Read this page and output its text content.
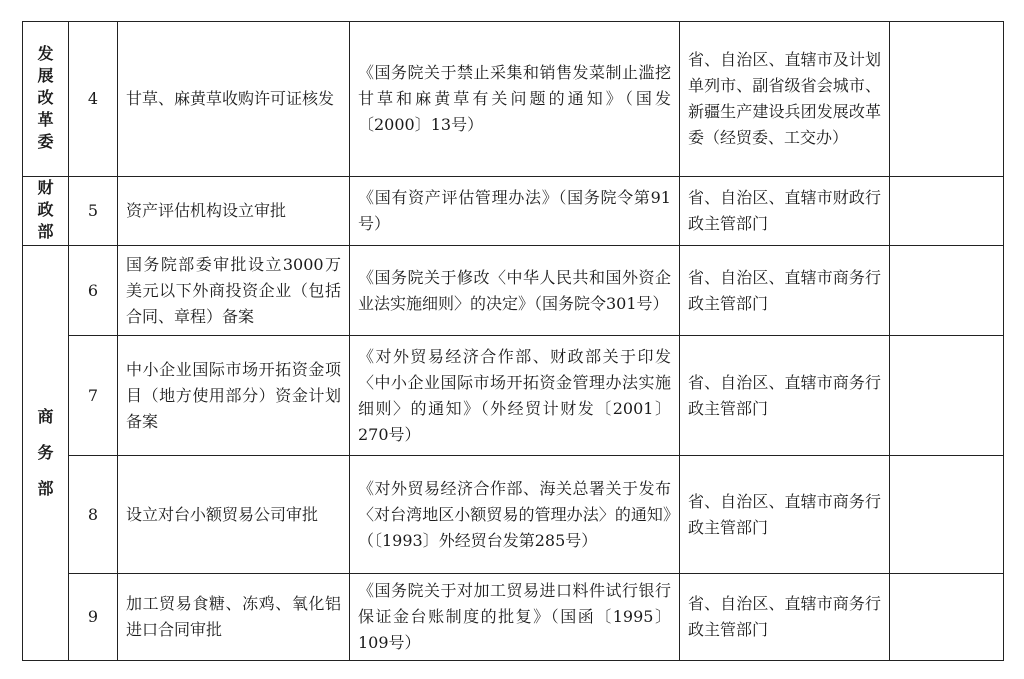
发展改革委	4	甘草、麻黄草收购许可证核发	《国务院关于禁止采集和销售发菜制止滥挖甘草和麻黄草有关问题的通知》（国发〔2000〕13号）	省、自治区、直辖市及计划单列市、副省级省会城市、新疆生产建设兵团发展改革委（经贸委、工交办）	
财政部	5	资产评估机构设立审批	《国有资产评估管理办法》（国务院令第91号）	省、自治区、直辖市财政行政主管部门	
商务部	6	国务院部委审批设立3000万美元以下外商投资企业（包括合同、章程）备案	《国务院关于修改〈中华人民共和国外资企业法实施细则〉的决定》（国务院令301号）	省、自治区、直辖市商务行政主管部门	
	7	中小企业国际市场开拓资金项目（地方使用部分）资金计划备案	《对外贸易经济合作部、财政部关于印发〈中小企业国际市场开拓资金管理办法实施细则〉的通知》（外经贸计财发〔2001〕270号）	省、自治区、直辖市商务行政主管部门	
	8	设立对台小额贸易公司审批	《对外贸易经济合作部、海关总署关于发布〈对台湾地区小额贸易的管理办法〉的通知》（〔1993〕外经贸台发第285号）	省、自治区、直辖市商务行政主管部门	
	9	加工贸易食糖、冻鸡、氧化铝进口合同审批	《国务院关于对加工贸易进口料件试行银行保证金台账制度的批复》（国函〔1995〕109号）	省、自治区、直辖市商务行政主管部门	
